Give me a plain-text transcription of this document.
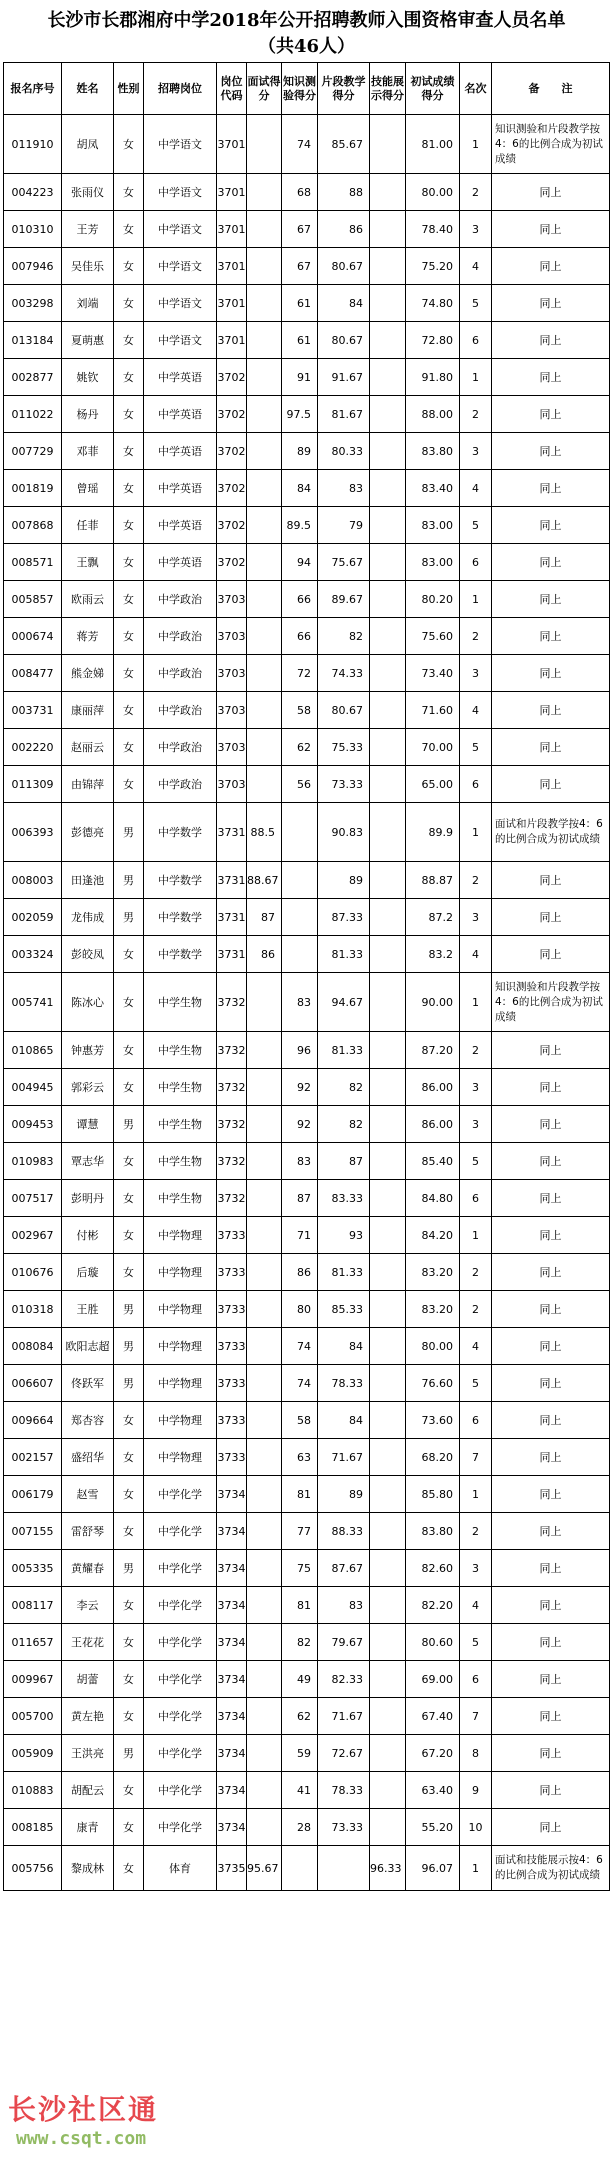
长沙市长郡湘府中学2018年公开招聘教师入围资格审查人员名单
（共46人）
报名序号	姓名	性别	招聘岗位	岗位代码	面试得分	知识测验得分	片段教学得分	技能展示得分	初试成绩得分	名次	备　　注
011910	胡凤	女	中学语文	3701		74	85.67		81.00	1	知识测验和片段教学按4：6的比例合成为初试成绩
004223	张雨仪	女	中学语文	3701		68	88		80.00	2	同上
010310	王芳	女	中学语文	3701		67	86		78.40	3	同上
007946	吴佳乐	女	中学语文	3701		67	80.67		75.20	4	同上
003298	刘端	女	中学语文	3701		61	84		74.80	5	同上
013184	夏萌惠	女	中学语文	3701		61	80.67		72.80	6	同上
002877	姚钦	女	中学英语	3702		91	91.67		91.80	1	同上
011022	杨丹	女	中学英语	3702		97.5	81.67		88.00	2	同上
007729	邓菲	女	中学英语	3702		89	80.33		83.80	3	同上
001819	曾瑶	女	中学英语	3702		84	83		83.40	4	同上
007868	任菲	女	中学英语	3702		89.5	79		83.00	5	同上
008571	王飘	女	中学英语	3702		94	75.67		83.00	6	同上
005857	欧雨云	女	中学政治	3703		66	89.67		80.20	1	同上
000674	蒋芳	女	中学政治	3703		66	82		75.60	2	同上
008477	熊金娣	女	中学政治	3703		72	74.33		73.40	3	同上
003731	康丽萍	女	中学政治	3703		58	80.67		71.60	4	同上
002220	赵丽云	女	中学政治	3703		62	75.33		70.00	5	同上
011309	由锦萍	女	中学政治	3703		56	73.33		65.00	6	同上
006393	彭德亮	男	中学数学	3731	88.5		90.83		89.9	1	面试和片段教学按4：6的比例合成为初试成绩
008003	田逢池	男	中学数学	3731	88.67		89		88.87	2	同上
002059	龙伟成	男	中学数学	3731	87		87.33		87.2	3	同上
003324	彭皎凤	女	中学数学	3731	86		81.33		83.2	4	同上
005741	陈冰心	女	中学生物	3732		83	94.67		90.00	1	知识测验和片段教学按4：6的比例合成为初试成绩
010865	钟惠芳	女	中学生物	3732		96	81.33		87.20	2	同上
004945	郭彩云	女	中学生物	3732		92	82		86.00	3	同上
009453	谭慧	男	中学生物	3732		92	82		86.00	3	同上
010983	覃志华	女	中学生物	3732		83	87		85.40	5	同上
007517	彭明丹	女	中学生物	3732		87	83.33		84.80	6	同上
002967	付彬	女	中学物理	3733		71	93		84.20	1	同上
010676	后璇	女	中学物理	3733		86	81.33		83.20	2	同上
010318	王胜	男	中学物理	3733		80	85.33		83.20	2	同上
008084	欧阳志超	男	中学物理	3733		74	84		80.00	4	同上
006607	佟跃军	男	中学物理	3733		74	78.33		76.60	5	同上
009664	郑杏容	女	中学物理	3733		58	84		73.60	6	同上
002157	盛绍华	女	中学物理	3733		63	71.67		68.20	7	同上
006179	赵雪	女	中学化学	3734		81	89		85.80	1	同上
007155	雷舒琴	女	中学化学	3734		77	88.33		83.80	2	同上
005335	黄耀春	男	中学化学	3734		75	87.67		82.60	3	同上
008117	李云	女	中学化学	3734		81	83		82.20	4	同上
011657	王花花	女	中学化学	3734		82	79.67		80.60	5	同上
009967	胡蕾	女	中学化学	3734		49	82.33		69.00	6	同上
005700	黄左艳	女	中学化学	3734		62	71.67		67.40	7	同上
005909	王洪亮	男	中学化学	3734		59	72.67		67.20	8	同上
010883	胡配云	女	中学化学	3734		41	78.33		63.40	9	同上
008185	康青	女	中学化学	3734		28	73.33		55.20	10	同上
005756	黎成林	女	体育	3735	95.67			96.33	96.07	1	面试和技能展示按4：6的比例合成为初试成绩
长沙社区通
www.csqt.com
